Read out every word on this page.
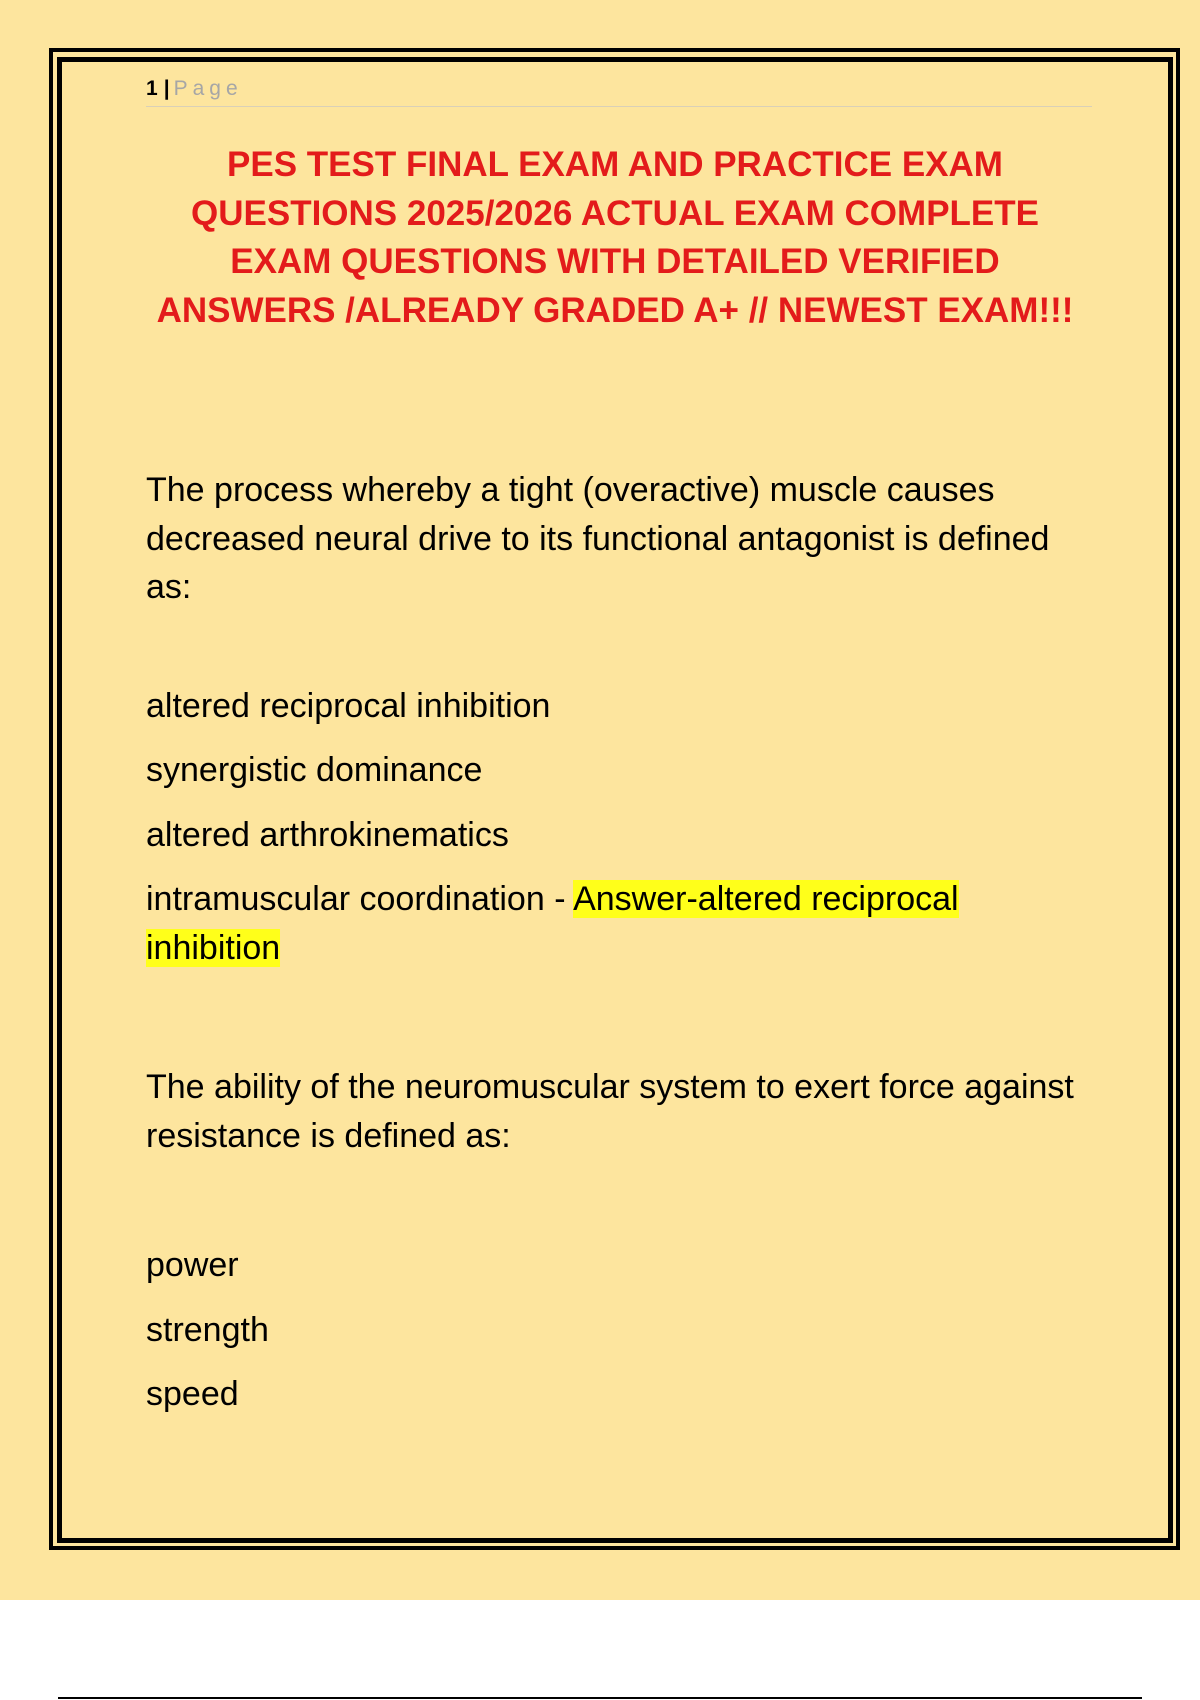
1 | Page
PES TEST FINAL EXAM AND PRACTICE EXAM QUESTIONS 2025/2026 ACTUAL EXAM COMPLETE EXAM QUESTIONS WITH DETAILED VERIFIED ANSWERS /ALREADY GRADED A+ // NEWEST EXAM!!!

The process whereby a tight (overactive) muscle causes decreased neural drive to its functional antagonist is defined as:

altered reciprocal inhibition
synergistic dominance
altered arthrokinematics
intramuscular coordination - Answer-altered reciprocal inhibition

The ability of the neuromuscular system to exert force against resistance is defined as:

power
strength
speed
